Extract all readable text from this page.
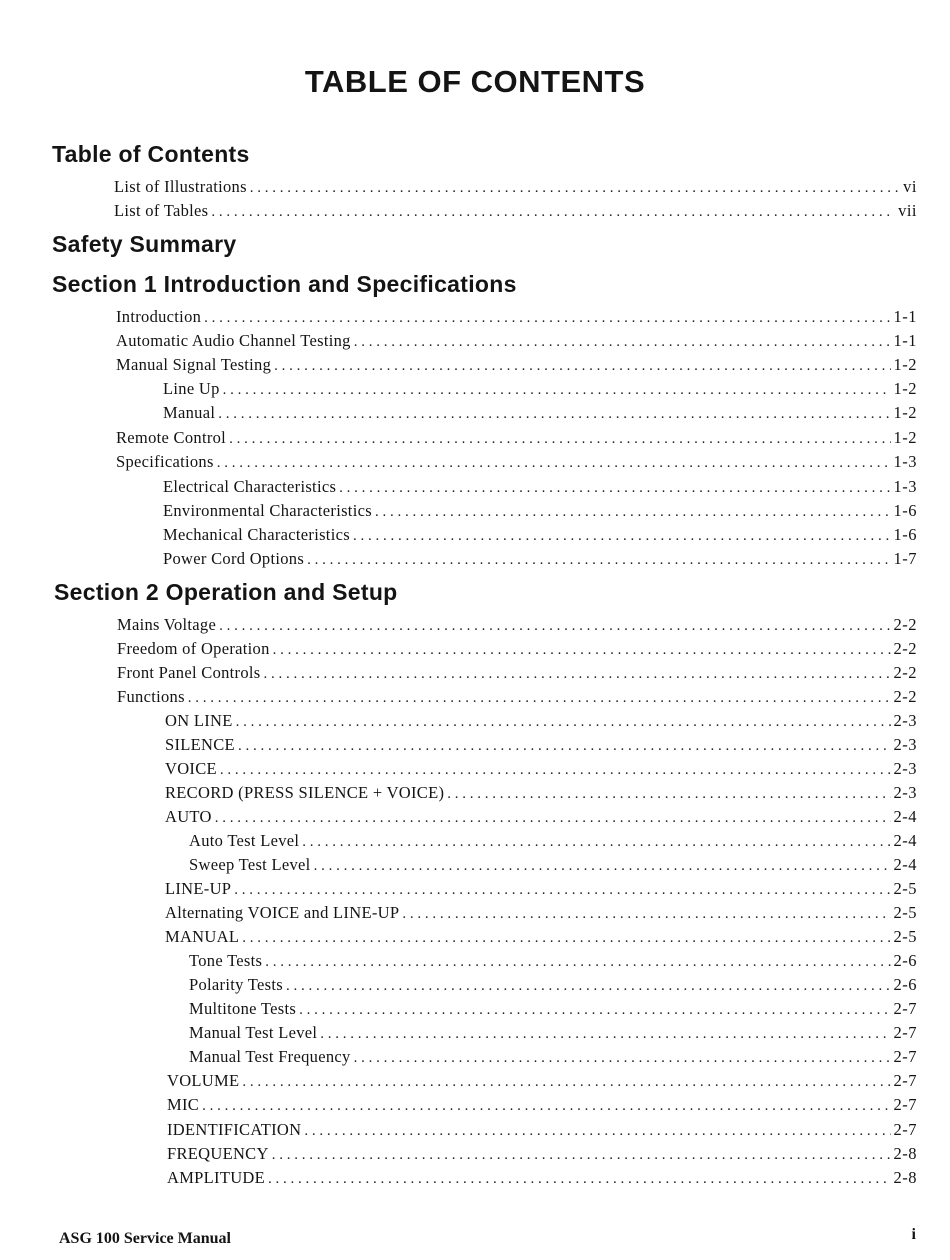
TABLE OF CONTENTS
Table of Contents
List of Illustrations . . .	vi
List of Tables . . .	vii
Safety Summary
Section 1 Introduction and Specifications
Introduction . . .	1-1
Automatic Audio Channel Testing . . .	1-1
Manual Signal Testing . . .	1-2
Line Up . . .	1-2
Manual . . .	1-2
Remote Control . . .	1-2
Specifications . . .	1-3
Electrical Characteristics . . .	1-3
Environmental Characteristics . . .	1-6
Mechanical Characteristics . . .	1-6
Power Cord Options . . .	1-7
Section 2 Operation and Setup
Mains Voltage . . .	2-2
Freedom of Operation . . .	2-2
Front Panel Controls . . .	2-2
Functions . . .	2-2
ON LINE . . .	2-3
SILENCE . . .	2-3
VOICE . . .	2-3
RECORD (PRESS SILENCE + VOICE) . . .	2-3
AUTO . . .	2-4
Auto Test Level . . .	2-4
Sweep Test Level . . .	2-4
LINE-UP . . .	2-5
Alternating VOICE and LINE-UP . . .	2-5
MANUAL . . .	2-5
Tone Tests . . .	2-6
Polarity Tests . . .	2-6
Multitone Tests . . .	2-7
Manual Test Level . . .	2-7
Manual Test Frequency . . .	2-7
VOLUME . . .	2-7
MIC . . .	2-7
IDENTIFICATION . . .	2-7
FREQUENCY . . .	2-8
AMPLITUDE . . .	2-8
ASG 100 Service Manual	i
